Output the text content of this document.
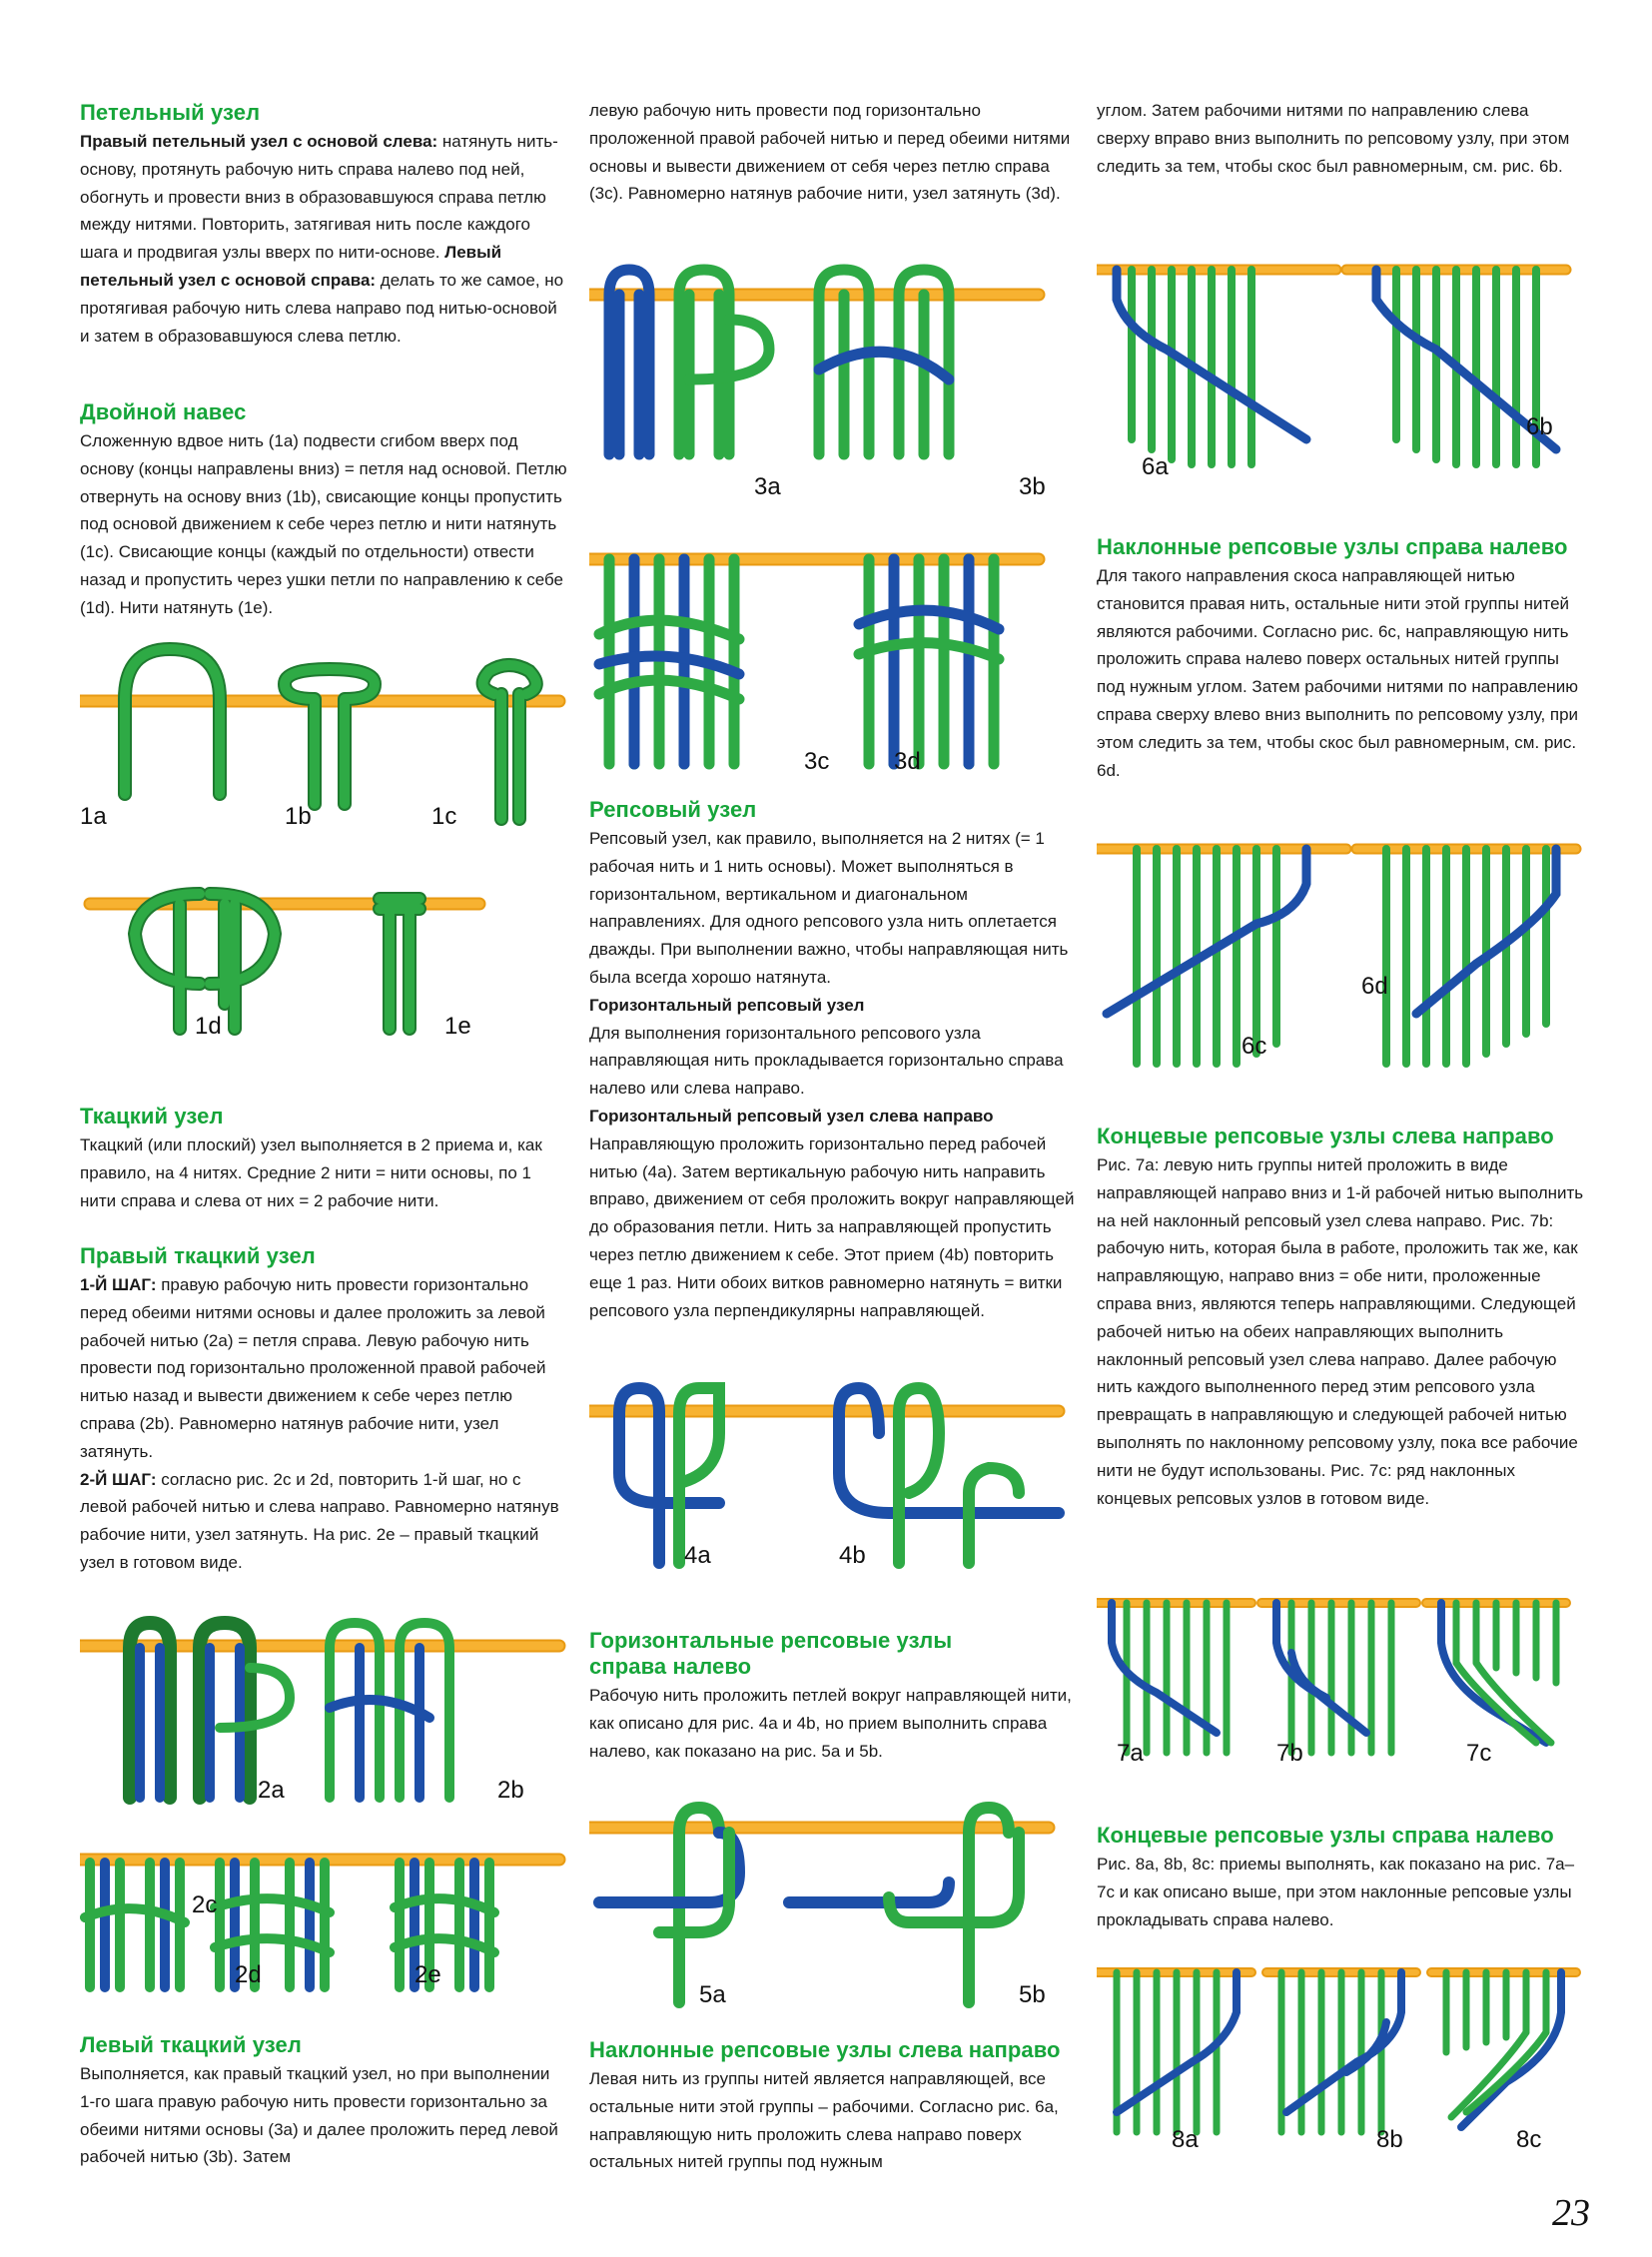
Петельный узел

Правый петельный узел с основой слева: натянуть нить-основу, протянуть рабочую нить справа налево под ней, обогнуть и провести вниз в образовавшуюся справа петлю между нитями. Повторить, затягивая нить после каждого шага и продвигая узлы вверх по нити-основе. Левый петельный узел с основой справа: делать то же самое, но протягивая рабочую нить слева направо под нитью-основой и затем в образовавшуюся слева петлю.

Двойной навес

Сложенную вдвое нить (1а) подвести сгибом вверх под основу (концы направлены вниз) = петля над основой. Петлю отвернуть на основу вниз (1b), свисающие концы пропустить под основой движением к себе через петлю и нити натянуть (1с). Свисающие концы (каждый по отдельности) отвести назад и пропустить через ушки петли по направлению к себе (1d). Нити натянуть (1е).

1a	1b	1c
1d	1e
Ткацкий узел

Ткацкий (или плоский) узел выполняется в 2 приема и, как правило, на 4 нитях. Средние 2 нити = нити основы, по 1 нити справа и слева от них = 2 рабочие нити.

Правый ткацкий узел

1-Й ШАГ: правую рабочую нить провести горизонтально перед обеими нитями основы и далее проложить за левой рабочей нитью (2а) = петля справа. Левую рабочую нить провести под горизонтально проложенной правой рабочей нитью назад и вывести движением к себе через петлю справа (2b). Равномерно натянув рабочие нити, узел затянуть.
2-Й ШАГ: согласно рис. 2с и 2d, повторить 1-й шаг, но с левой рабочей нитью и слева направо. Равномерно натянув рабочие нити, узел затянуть. На рис. 2е – правый ткацкий узел в готовом виде.

2a	2b
2c
2d	2e
Левый ткацкий узел

Выполняется, как правый ткацкий узел, но при выполнении 1-го шага правую рабочую нить провести горизонтально за обеими нитями основы (3а) и далее проложить перед левой рабочей нитью (3b). Затем

левую рабочую нить провести под горизонтально проложенной правой рабочей нитью и перед обеими нитями основы и вывести движением от себя через петлю справа (3с). Равномерно натянув рабочие нити, узел затянуть (3d).

3a	3b
3c	3d
Репсовый узел

Репсовый узел, как правило, выполняется на 2 нитях (= 1 рабочая нить и 1 нить основы). Может выполняться в горизонтальном, вертикальном и диагональном направлениях. Для одного репсового узла нить оплетается дважды. При выполнении важно, чтобы направляющая нить была всегда хорошо натянута.
Горизонтальный репсовый узел
Для выполнения горизонтального репсового узла направляющая нить прокладывается горизонтально справа налево или слева направо.
Горизонтальный репсовый узел слева направо
Направляющую проложить горизонтально перед рабочей нитью (4а). Затем вертикальную рабочую нить направить вправо, движением от себя проложить вокруг направляющей до образования петли. Нить за направляющей пропустить через петлю движением к себе. Этот прием (4b) повторить еще 1 раз. Нити обоих витков равномерно натянуть = витки репсового узла перпендикулярны направляющей.

4a	4b
Горизонтальные репсовые узлы
справа налево

Рабочую нить проложить петлей вокруг направляющей нити, как описано для рис. 4а и 4b, но прием выполнить справа налево, как показано на рис. 5а и 5b.

5a	5b
Наклонные репсовые узлы слева направо

Левая нить из группы нитей является направляющей, все остальные нити этой группы – рабочими. Согласно рис. 6а, направляющую нить проложить слева направо поверх остальных нитей группы под нужным

углом. Затем рабочими нитями по направлению слева сверху вправо вниз выполнить по репсовому узлу, при этом следить за тем, чтобы скос был равномерным, см. рис. 6b.

6a
6b
Наклонные репсовые узлы справа налево

Для такого направления скоса направляющей нитью становится правая нить, остальные нити этой группы нитей являются рабочими. Согласно рис. 6с, направляющую нить проложить справа налево поверх остальных нитей группы под нужным углом. Затем рабочими нитями по направлению справа сверху влево вниз выполнить по репсовому узлу, при этом следить за тем, чтобы скос был равномерным, см. рис. 6d.

6c
6d
Концевые репсовые узлы слева направо

Рис. 7а: левую нить группы нитей проложить в виде направляющей направо вниз и 1-й рабочей нитью выполнить на ней наклонный репсовый узел слева направо. Рис. 7b: рабочую нить, которая была в работе, проложить так же, как направляющую, направо вниз = обе нити, проложенные справа вниз, являются теперь направляющими. Следующей рабочей нитью на обеих направляющих выполнить наклонный репсовый узел слева направо. Далее рабочую нить каждого выполненного перед этим репсового узла превращать в направляющую и следующей рабочей нитью выполнять по наклонному репсовому узлу, пока все рабочие нити не будут использованы. Рис. 7с: ряд наклонных концевых репсовых узлов в готовом виде.

7a	7b	7c
Концевые репсовые узлы справа налево

Рис. 8а, 8b, 8с: приемы выполнять, как показано на рис. 7а–7с и как описано выше, при этом наклонные репсовые узлы прокладывать справа налево.

8a	8b	8c
23
